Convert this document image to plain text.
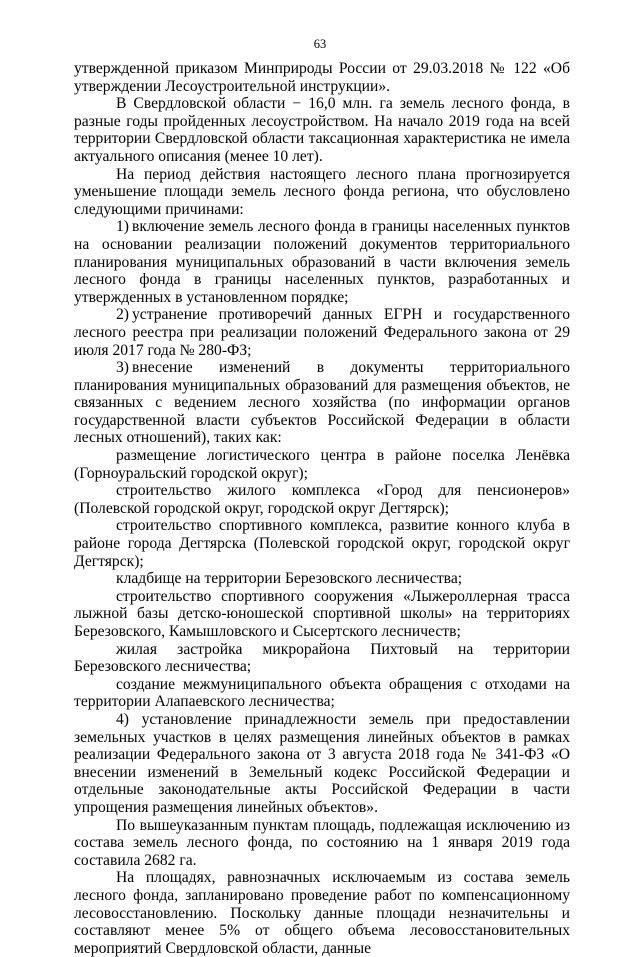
63

утвержденной приказом Минприроды России от 29.03.2018 № 122 «Об утверждении Лесоустроительной инструкции».

В Свердловской области − 16,0 млн. га земель лесного фонда, в разные годы пройденных лесоустройством. На начало 2019 года на всей территории Свердловской области таксационная характеристика не имела актуального описания (менее 10 лет).

На период действия настоящего лесного плана прогнозируется уменьшение площади земель лесного фонда региона, что обусловлено следующими причинами:

1) включение земель лесного фонда в границы населенных пунктов на основании реализации положений документов территориального планирования муниципальных образований в части включения земель лесного фонда в границы населенных пунктов, разработанных и утвержденных в установленном порядке;

2) устранение противоречий данных ЕГРН и государственного лесного реестра при реализации положений Федерального закона от 29 июля 2017 года № 280-ФЗ;

3) внесение изменений в документы территориального планирования муниципальных образований для размещения объектов, не связанных с ведением лесного хозяйства (по информации органов государственной власти субъектов Российской Федерации в области лесных отношений), таких как:

размещение логистического центра в районе поселка Ленёвка (Горноуральский городской округ);

строительство жилого комплекса «Город для пенсионеров» (Полевской городской округ, городской округ Дегтярск);

строительство спортивного комплекса, развитие конного клуба в районе города Дегтярска (Полевской городской округ, городской округ Дегтярск);

кладбище на территории Березовского лесничества;

строительство спортивного сооружения «Лыжероллерная трасса лыжной базы детско-юношеской спортивной школы» на территориях Березовского, Камышловского и Сысертского лесничеств;

жилая застройка микрорайона Пихтовый на территории Березовского лесничества;

создание межмуниципального объекта обращения с отходами на территории Алапаевского лесничества;

4) установление принадлежности земель при предоставлении земельных участков в целях размещения линейных объектов в рамках реализации Федерального закона от 3 августа 2018 года № 341-ФЗ «О внесении изменений в Земельный кодекс Российской Федерации и отдельные законодательные акты Российской Федерации в части упрощения размещения линейных объектов».

По вышеуказанным пунктам площадь, подлежащая исключению из состава земель лесного фонда, по состоянию на 1 января 2019 года составила 2682 га.

На площадях, равнозначных исключаемым из состава земель лесного фонда, запланировано проведение работ по компенсационному лесовосстановлению. Поскольку данные площади незначительны и составляют менее 5% от общего объема лесовосстановительных мероприятий Свердловской области, данные
